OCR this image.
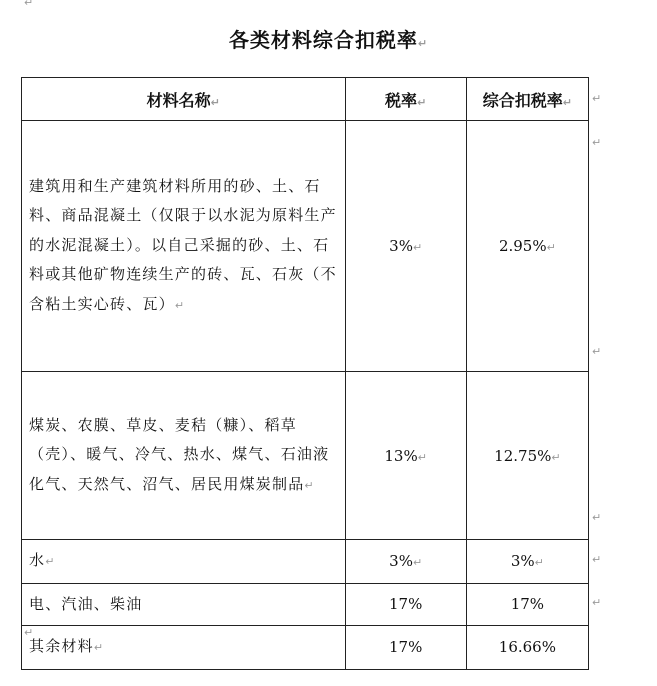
↵
各类材料综合扣税率↵
材料名称↵	税率↵	综合扣税率↵
建筑用和生产建筑材料所用的砂、土、石料、商品混凝土（仅限于以水泥为原料生产的水泥混凝土）。以自己采掘的砂、土、石料或其他矿物连续生产的砖、瓦、石灰（不含粘土实心砖、瓦）↵	3%↵	2.95%↵
煤炭、农膜、草皮、麦秸（糠）、稻草（壳）、暖气、冷气、热水、煤气、石油液化气、天然气、沼气、居民用煤炭制品↵	13%↵	12.75%↵
水↵	3%↵	3%↵
电、汽油、柴油	17%	17%
其余材料↵	17%	16.66%
↵
↵
↵
↵
↵
↵
↵
